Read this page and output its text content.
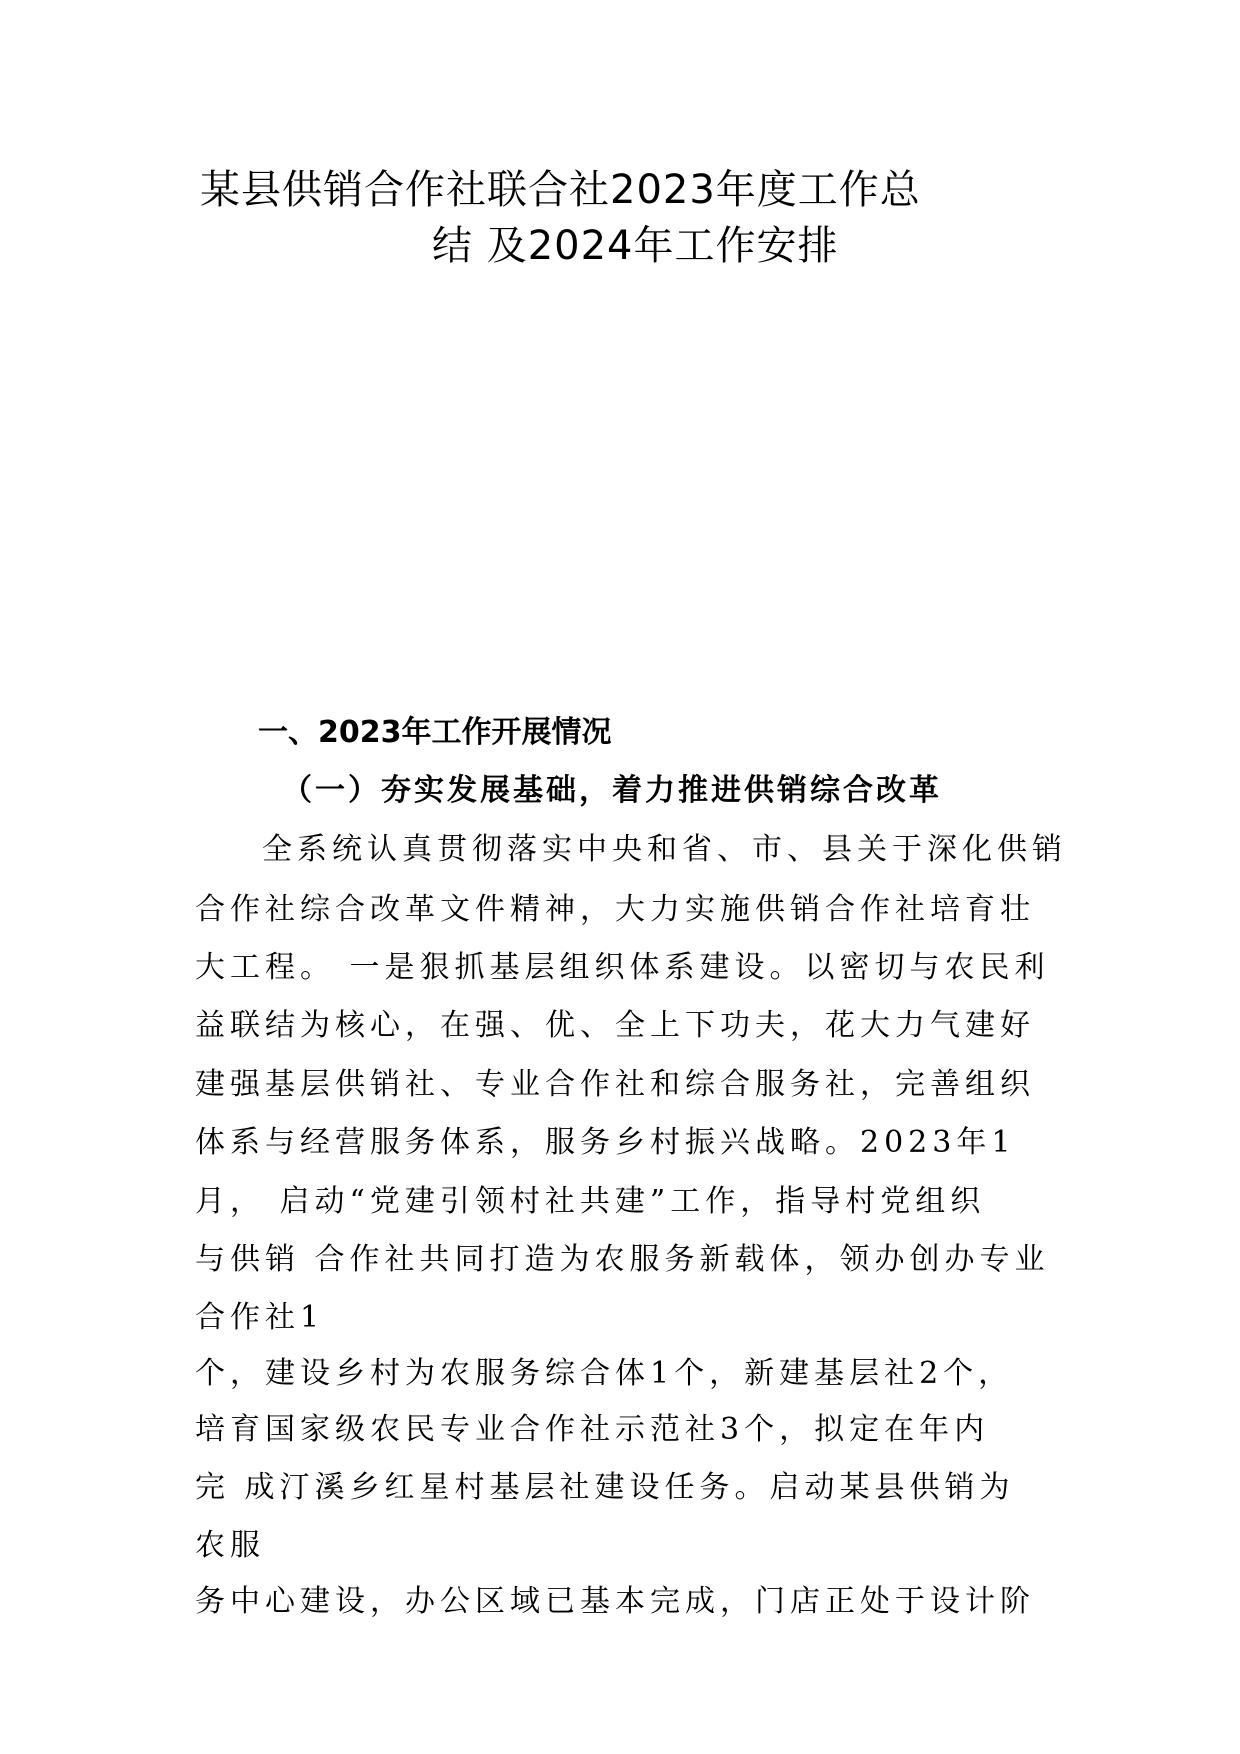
某县供销合作社联合社2023年度工作总
结 及2024年工作安排
一、2023年工作开展情况
（一）夯实发展基础，着力推进供销综合改革
全系统认真贯彻落实中央和省、市、县关于深化供销
合作社综合改革文件精神，大力实施供销合作社培育壮
大工程。 一是狠抓基层组织体系建设。以密切与农民利
益联结为核心，在强、优、全上下功夫，花大力气建好
建强基层供销社、专业合作社和综合服务社，完善组织
体系与经营服务体系，服务乡村振兴战略。2023年1
月， 启动“党建引领村社共建”工作，指导村党组织
与供销 合作社共同打造为农服务新载体，领办创办专业
合作社1
个，建设乡村为农服务综合体1个，新建基层社2个，
培育国家级农民专业合作社示范社3个，拟定在年内
完 成汀溪乡红星村基层社建设任务。启动某县供销为
农服
务中心建设，办公区域已基本完成，门店正处于设计阶
